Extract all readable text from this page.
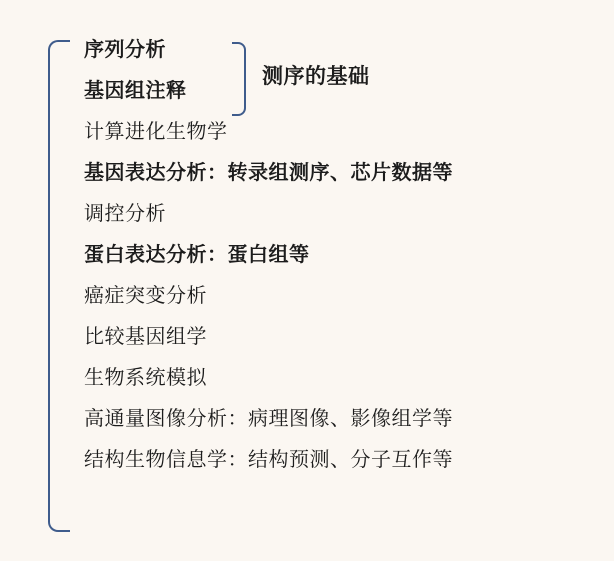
测序的基础
序列分析
基因组注释
计算进化生物学
基因表达分析：转录组测序、芯片数据等
调控分析
蛋白表达分析：蛋白组等
癌症突变分析
比较基因组学
生物系统模拟
高通量图像分析：病理图像、影像组学等
结构生物信息学：结构预测、分子互作等
